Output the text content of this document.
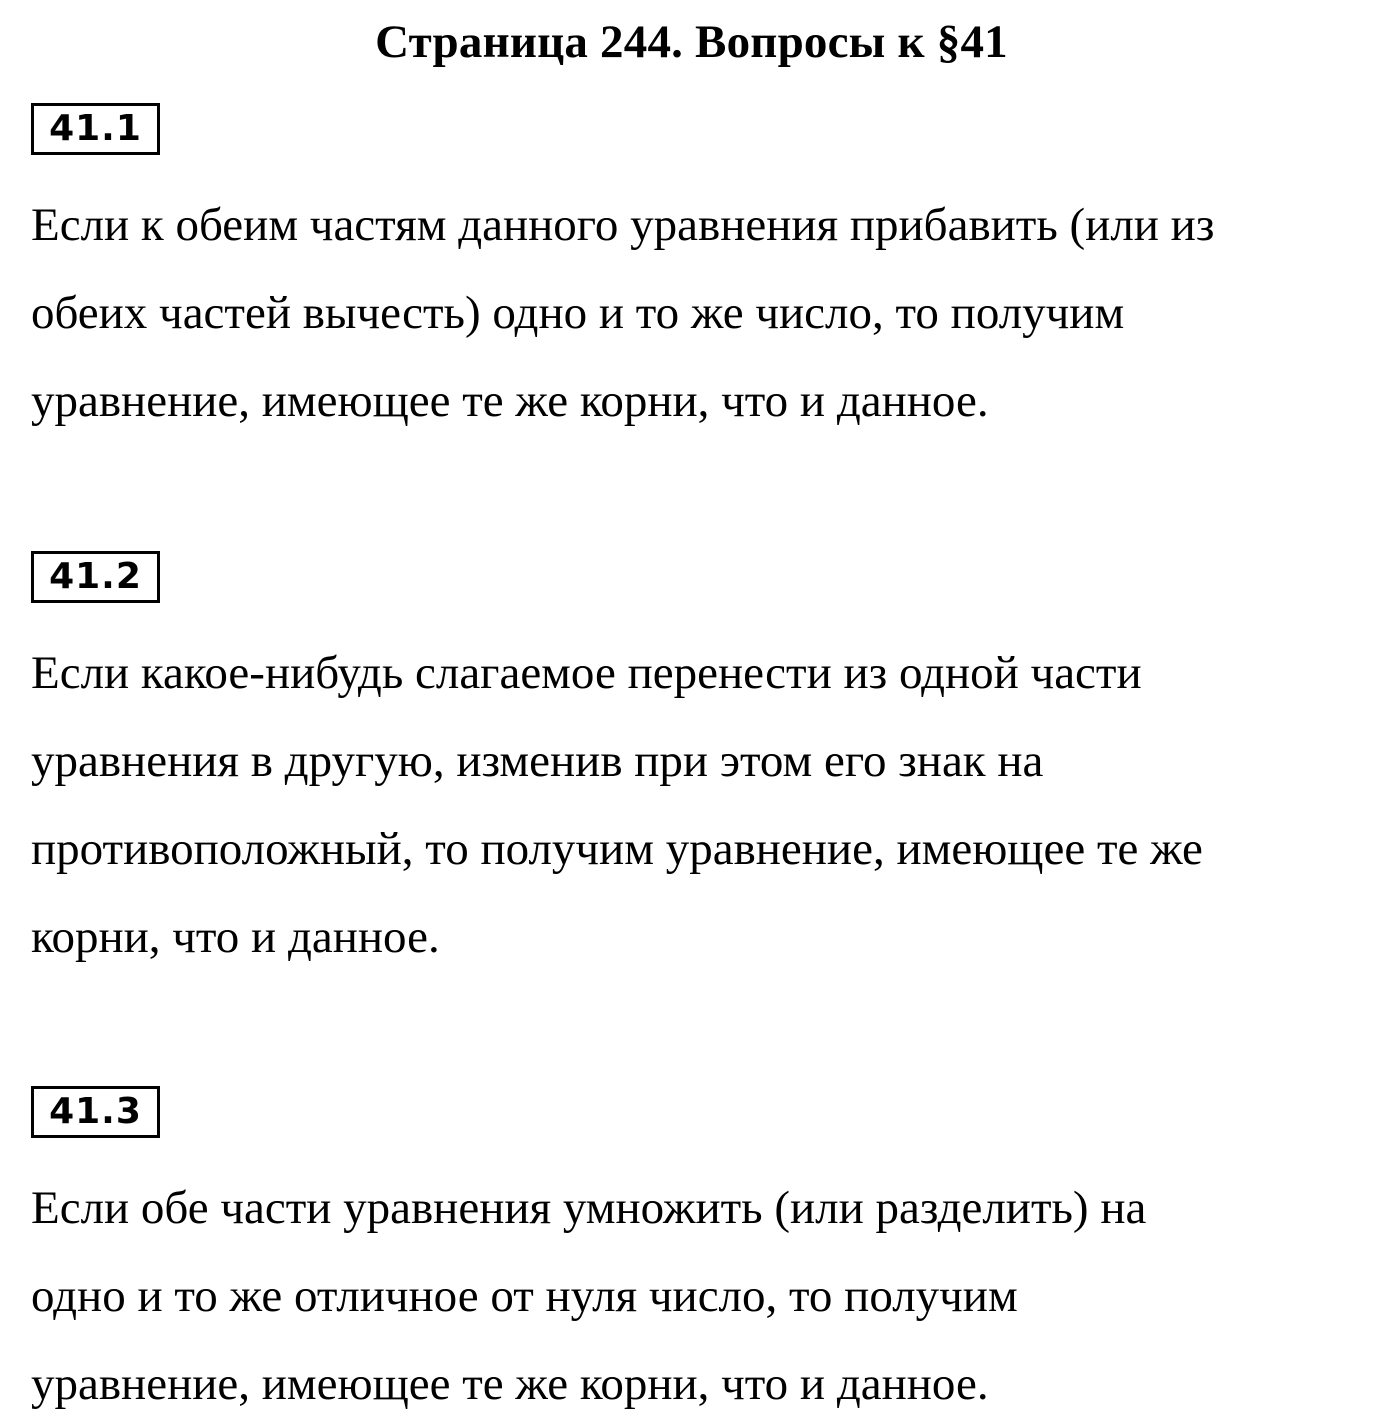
Страница 244. Вопросы к §41
41.1

Если к обеим частям данного уравнения прибавить (или из
обеих частей вычесть) одно и то же число, то получим
уравнение, имеющее те же корни, что и данное.

41.2

Если какое-нибудь слагаемое перенести из одной части
уравнения в другую, изменив при этом его знак на
противоположный, то получим уравнение, имеющее те же
корни, что и данное.

41.3

Если обе части уравнения умножить (или разделить) на
одно и то же отличное от нуля число, то получим
уравнение, имеющее те же корни, что и данное.
